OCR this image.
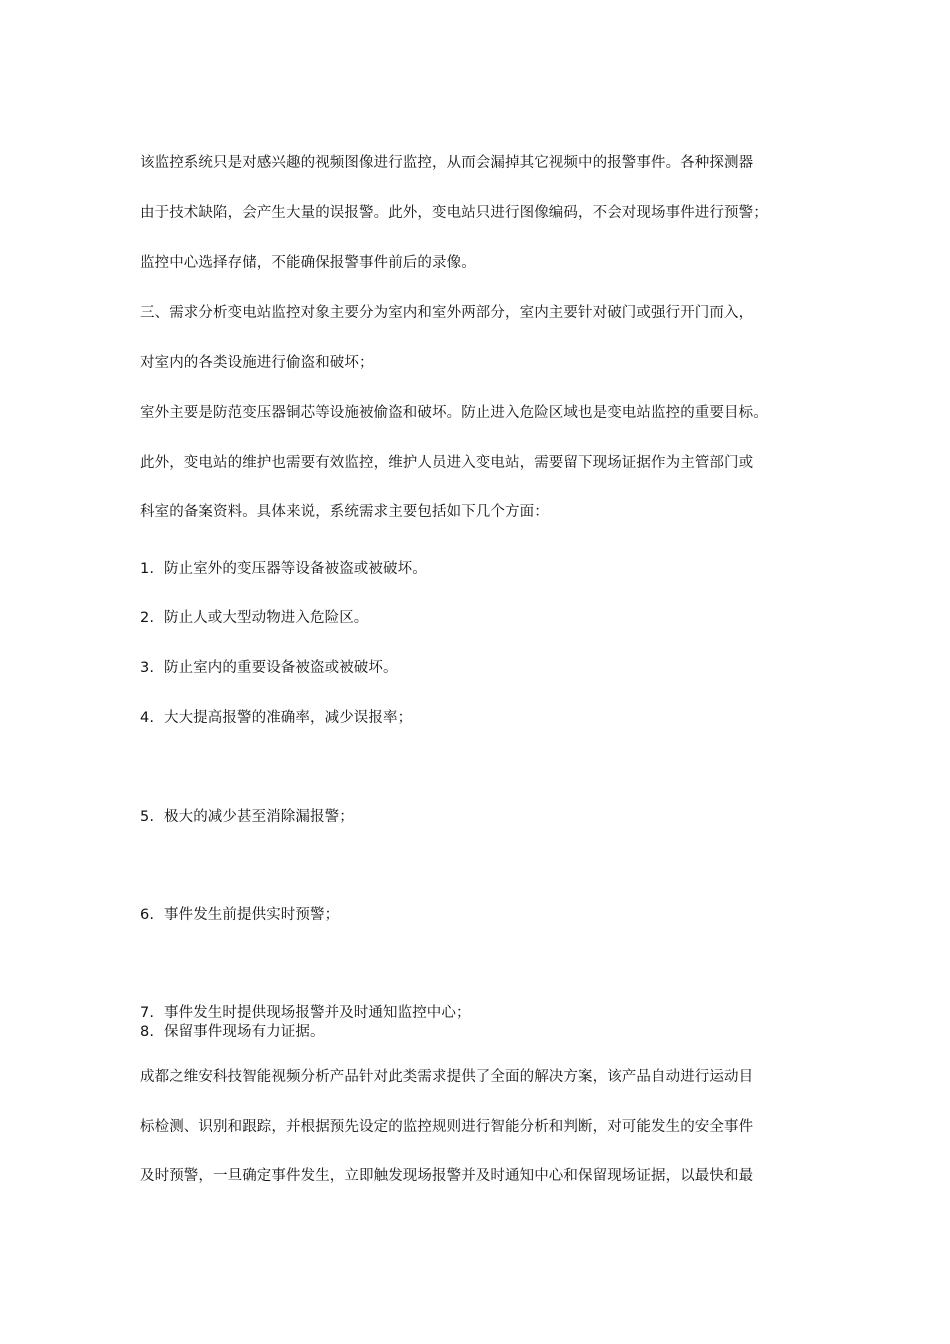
该监控系统只是对感兴趣的视频图像进行监控，从而会漏掉其它视频中的报警事件。各种探测器
由于技术缺陷，会产生大量的误报警。此外，变电站只进行图像编码，不会对现场事件进行预警；
监控中心选择存储，不能确保报警事件前后的录像。
三、需求分析变电站监控对象主要分为室内和室外两部分，室内主要针对破门或强行开门而入，
对室内的各类设施进行偷盗和破坏；
室外主要是防范变压器铜芯等设施被偷盗和破坏。防止进入危险区域也是变电站监控的重要目标。
此外，变电站的维护也需要有效监控，维护人员进入变电站，需要留下现场证据作为主管部门或
科室的备案资料。具体来说，系统需求主要包括如下几个方面：
1. 防止室外的变压器等设备被盗或被破坏。
2. 防止人或大型动物进入危险区。
3. 防止室内的重要设备被盗或被破坏。
4. 大大提高报警的准确率，减少误报率；
5. 极大的减少甚至消除漏报警；
6. 事件发生前提供实时预警；
7. 事件发生时提供现场报警并及时通知监控中心；
8. 保留事件现场有力证据。
成都之维安科技智能视频分析产品针对此类需求提供了全面的解决方案，该产品自动进行运动目
标检测、识别和跟踪，并根据预先设定的监控规则进行智能分析和判断，对可能发生的安全事件
及时预警，一旦确定事件发生，立即触发现场报警并及时通知中心和保留现场证据，以最快和最
